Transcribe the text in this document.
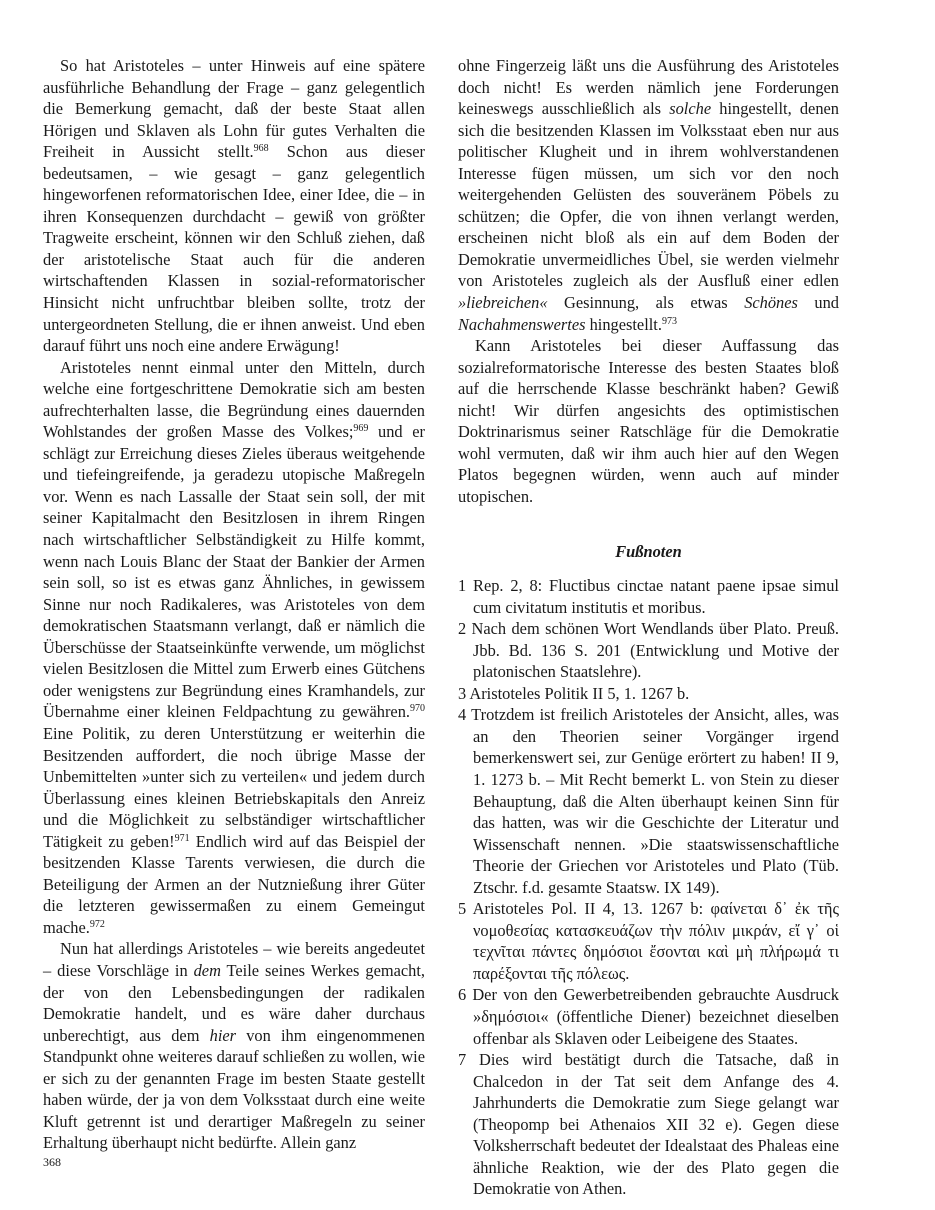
So hat Aristoteles – unter Hinweis auf eine spätere ausführliche Behandlung der Frage – ganz gelegentlich die Bemerkung gemacht, daß der beste Staat allen Hörigen und Sklaven als Lohn für gutes Verhalten die Freiheit in Aussicht stellt.$^{968}$ Schon aus dieser bedeutsamen, – wie gesagt – ganz gelegentlich hingeworfenen reformatorischen Idee, einer Idee, die – in ihren Konsequenzen durchdacht – gewiß von größter Tragweite erscheint, können wir den Schluß ziehen, daß der aristotelische Staat auch für die anderen wirtschaftenden Klassen in sozial-reformatorischer Hinsicht nicht unfruchtbar bleiben sollte, trotz der untergeordneten Stellung, die er ihnen anweist. Und eben darauf führt uns noch eine andere Erwägung!

Aristoteles nennt einmal unter den Mitteln, durch welche eine fortgeschrittene Demokratie sich am besten aufrechterhalten lasse, die Begründung eines dauernden Wohlstandes der großen Masse des Volkes;$^{969}$ und er schlägt zur Erreichung dieses Zieles überaus weitgehende und tiefeingreifende, ja geradezu utopische Maßregeln vor. Wenn es nach Lassalle der Staat sein soll, der mit seiner Kapitalmacht den Besitzlosen in ihrem Ringen nach wirtschaftlicher Selbständigkeit zu Hilfe kommt, wenn nach Louis Blanc der Staat der Bankier der Armen sein soll, so ist es etwas ganz Ähnliches, in gewissem Sinne nur noch Radikaleres, was Aristoteles von dem demokratischen Staatsmann verlangt, daß er nämlich die Überschüsse der Staatseinkünfte verwende, um möglichst vielen Besitzlosen die Mittel zum Erwerb eines Gütchens oder wenigstens zur Begründung eines Kramhandels, zur Übernahme einer kleinen Feldpachtung zu gewähren.$^{970}$ Eine Politik, zu deren Unterstützung er weiterhin die Besitzenden auffordert, die noch übrige Masse der Unbemittelten »unter sich zu verteilen« und jedem durch Überlassung eines kleinen Betriebskapitals den Anreiz und die Möglichkeit zu selbständiger wirtschaftlicher Tätigkeit zu geben!$^{971}$ Endlich wird auf das Beispiel der besitzenden Klasse Tarents verwiesen, die durch die Beteiligung der Armen an der Nutznießung ihrer Güter die letzteren gewissermaßen zu einem Gemeingut mache.$^{972}$

Nun hat allerdings Aristoteles – wie bereits angedeutet – diese Vorschläge in dem Teile seines Werkes gemacht, der von den Lebensbedingungen der radikalen Demokratie handelt, und es wäre daher durchaus unberechtigt, aus dem hier von ihm eingenommenen Standpunkt ohne weiteres darauf schließen zu wollen, wie er sich zu der genannten Frage im besten Staate gestellt haben würde, der ja von dem Volksstaat durch eine weite Kluft getrennt ist und derartiger Maßregeln zu seiner Erhaltung überhaupt nicht bedürfte. Allein ganz

ohne Fingerzeig läßt uns die Ausführung des Aristoteles doch nicht! Es werden nämlich jene Forderungen keineswegs ausschließlich als solche hingestellt, denen sich die besitzenden Klassen im Volksstaat eben nur aus politischer Klugheit und in ihrem wohlverstandenen Interesse fügen müssen, um sich vor den noch weitergehenden Gelüsten des souveränem Pöbels zu schützen; die Opfer, die von ihnen verlangt werden, erscheinen nicht bloß als ein auf dem Boden der Demokratie unvermeidliches Übel, sie werden vielmehr von Aristoteles zugleich als der Ausfluß einer edlen »liebreichen« Gesinnung, als etwas Schönes und Nachahmenswertes hingestellt.$^{973}$

Kann Aristoteles bei dieser Auffassung das sozialreformatorische Interesse des besten Staates bloß auf die herrschende Klasse beschränkt haben? Gewiß nicht! Wir dürfen angesichts des optimistischen Doktrinarismus seiner Ratschläge für die Demokratie wohl vermuten, daß wir ihm auch hier auf den Wegen Platos begegnen würden, wenn auch auf minder utopischen.

Fußnoten

1 Rep. 2, 8: Fluctibus cinctae natant paene ipsae simul cum civitatum institutis et moribus.

2 Nach dem schönen Wort Wendlands über Plato. Preuß. Jbb. Bd. 136 S. 201 (Entwicklung und Motive der platonischen Staatslehre).

3 Aristoteles Politik II 5, 1. 1267 b.

4 Trotzdem ist freilich Aristoteles der Ansicht, alles, was an den Theorien seiner Vorgänger irgend bemerkenswert sei, zur Genüge erörtert zu haben! II 9, 1. 1273 b. – Mit Recht bemerkt L. von Stein zu dieser Behauptung, daß die Alten überhaupt keinen Sinn für das hatten, was wir die Geschichte der Literatur und Wissenschaft nennen. »Die staatswissenschaftliche Theorie der Griechen vor Aristoteles und Plato (Tüb. Ztschr. f.d. gesamte Staatsw. IX 149).

5 Aristoteles Pol. II 4, 13. 1267 b: φαίνεται δ᾽ ἐκ τῆς νομοθεσίας κατασκευάζων τὴν πόλιν μικράν, εἴ γ᾽ οἱ τεχνῖται πάντες δημόσιοι ἔσονται καὶ μὴ πλήρωμά τι παρέξονται τῆς πόλεως.

6 Der von den Gewerbetreibenden gebrauchte Ausdruck »δημόσιοι« (öffentliche Diener) bezeichnet dieselben offenbar als Sklaven oder Leibeigene des Staates.

7 Dies wird bestätigt durch die Tatsache, daß in Chalcedon in der Tat seit dem Anfange des 4. Jahrhunderts die Demokratie zum Siege gelangt war (Theopomp bei Athenaios XII 32 e). Gegen diese Volksherrschaft bedeutet der Idealstaat des Phaleas eine ähnliche Reaktion, wie der des Plato gegen die Demokratie von Athen.

368
